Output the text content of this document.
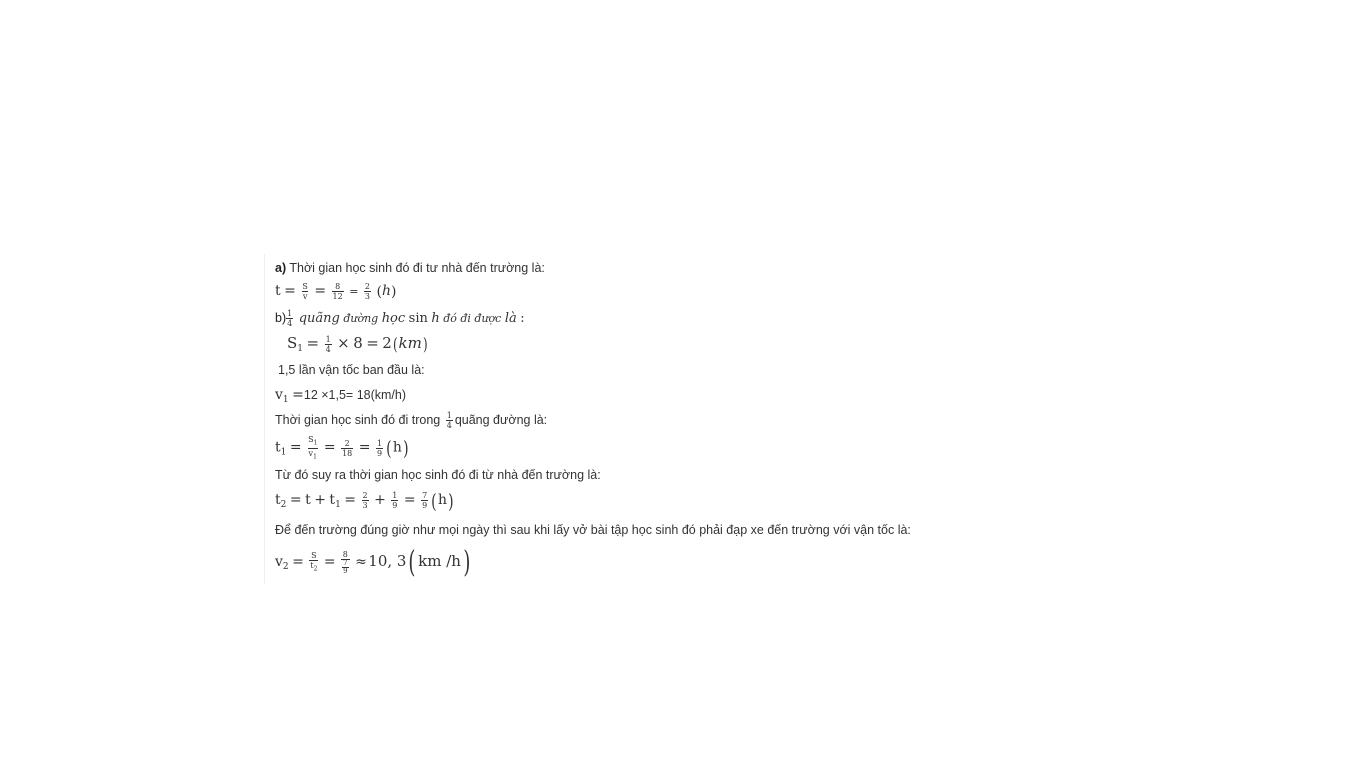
a) Thời gian học sinh đó đi tư nhà đến trường là:
$t = \frac{S}{v} = \frac{8}{12} = \frac{2}{3} (h)$
$b) \frac{1}{4}$ quãng đường học sin h đó đi được là :
$S_1 = \frac{1}{4} \times 8 = 2(km)$
1,5 lần vận tốc ban đầu là:
$v_1 =12 \times 1,5= 18(km/h)$
Thời gian học sinh đó đi trong $\frac{1}{4}$ quãng đường là:
$t_1 = \frac{S_1}{v_1} = \frac{2}{18} = \frac{1}{9} (h)$
Từ đó suy ra thời gian học sinh đó đi từ nhà đến trường là:
$t_2 = t + t_1 = \frac{2}{3} + \frac{1}{9} = \frac{7}{9} (h)$
Để đến trường đúng giờ như mọi ngày thì sau khi lấy vở bài tập học sinh đó phải đạp xe đến trường với vận tốc là:
$v_2 = \frac{S}{t_2} = \frac{8}{\frac{7}{9}} \approx 10$, 3( km /h)
